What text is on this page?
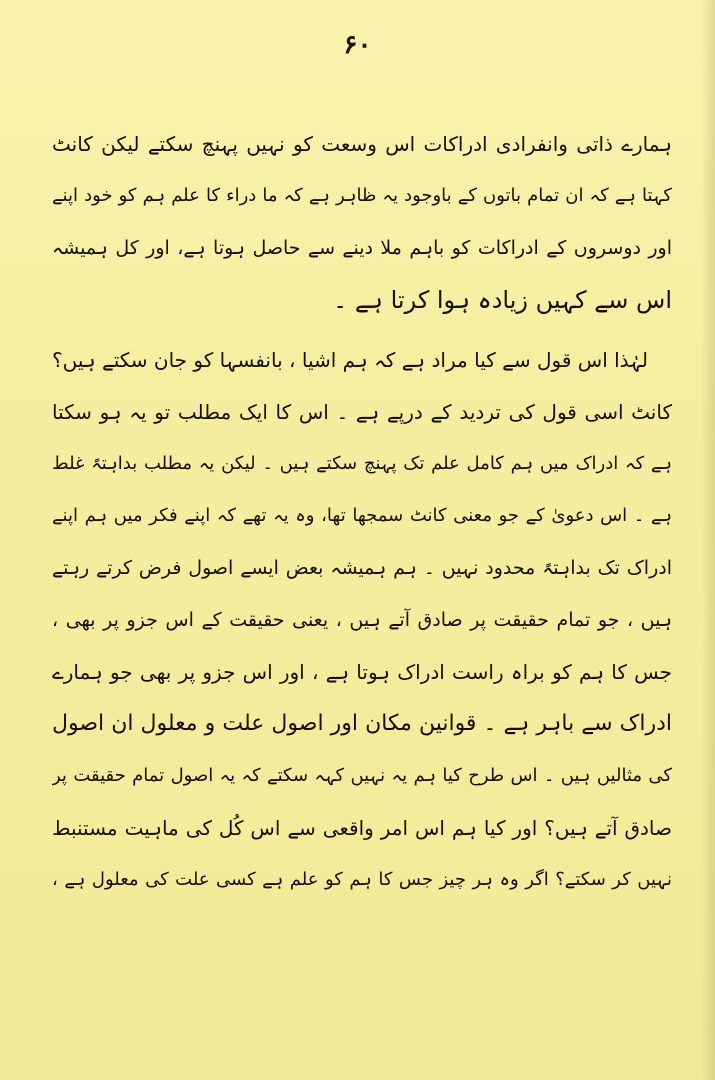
۶۰
ہمارے ذاتی وانفرادی ادراکات اس وسعت کو نہیں پہنچ سکتے لیکن کانٹ
کہتا ہے کہ ان تمام باتوں کے باوجود یہ ظاہر ہے کہ ما دراء کا علم ہم کو خود اپنے
اور دوسروں کے ادراکات کو باہم ملا دینے سے حاصل ہوتا ہے، اور کل ہمیشہ
اس سے کہیں زیادہ ہوا کرتا ہے ۔
لہٰذا اس قول سے کیا مراد ہے کہ ہم اشیا ، بانفسہا کو جان سکتے ہیں؟
کانٹ اسی قول کی تردید کے درپے ہے ۔ اس کا ایک مطلب تو یہ ہو سکتا
ہے کہ ادراک میں ہم کامل علم تک پہنچ سکتے ہیں ۔ لیکن یہ مطلب بداہتہً غلط
ہے ۔ اس دعویٰ کے جو معنی کانٹ سمجھا تھا، وہ یہ تھے کہ اپنے فکر میں ہم اپنے
ادراک تک بداہتہً محدود نہیں ۔ ہم ہمیشہ بعض ایسے اصول فرض کرتے رہتے
ہیں ، جو تمام حقیقت پر صادق آتے ہیں ، یعنی حقیقت کے اس جزو پر بھی ،
جس کا ہم کو براہ راست ادراک ہوتا ہے ، اور اس جزو پر بھی جو ہمارے
ادراک سے باہر ہے ۔ قوانین مکان اور اصول علت و معلول ان اصول
کی مثالیں ہیں ۔ اس طرح کیا ہم یہ نہیں کہہ سکتے کہ یہ اصول تمام حقیقت پر
صادق آتے ہیں؟ اور کیا ہم اس امر واقعی سے اس کُل کی ماہیت مستنبط
نہیں کر سکتے؟ اگر وہ ہر چیز جس کا ہم کو علم ہے کسی علت کی معلول ہے ،
